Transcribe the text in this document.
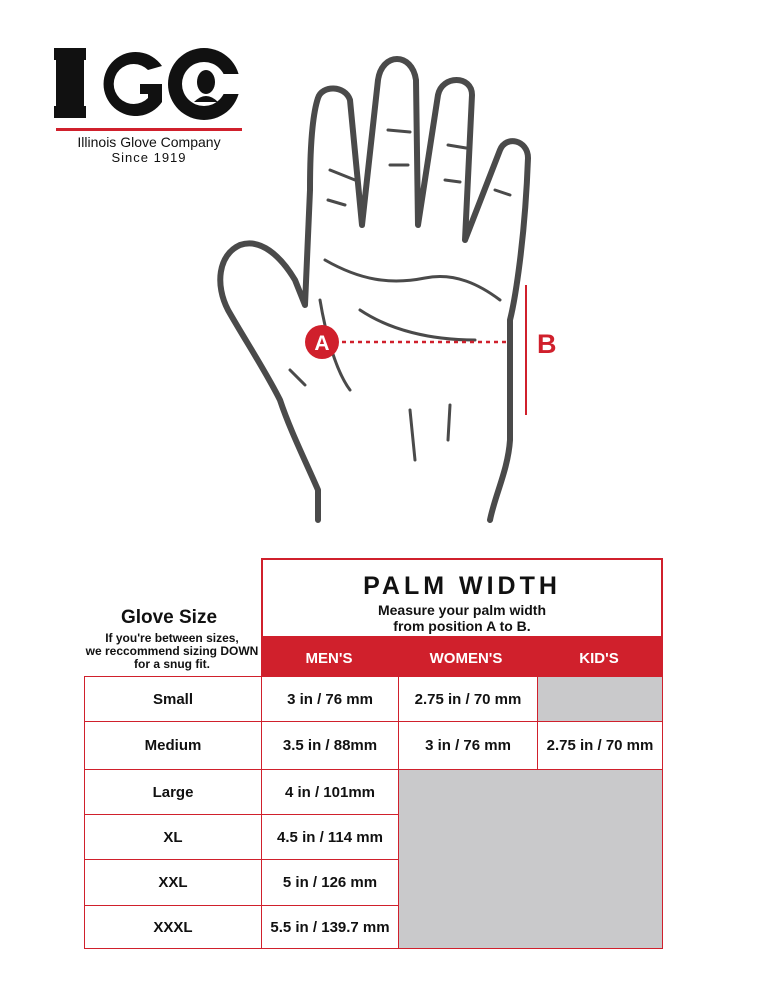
Illinois Glove Company
Since 1919
A	B
Glove Size
If you're between sizes,
we reccommend sizing DOWN
for a snug fit.
PALM WIDTH
Measure your palm width
from position A to B.
MEN'S	WOMEN'S	KID'S
Small	3 in / 76 mm	2.75 in / 70 mm
Medium	3.5 in / 88mm	3 in / 76 mm	2.75 in / 70 mm
Large	4 in / 101mm
XL	4.5 in / 114 mm
XXL	5 in / 126 mm
XXXL	5.5 in / 139.7 mm
